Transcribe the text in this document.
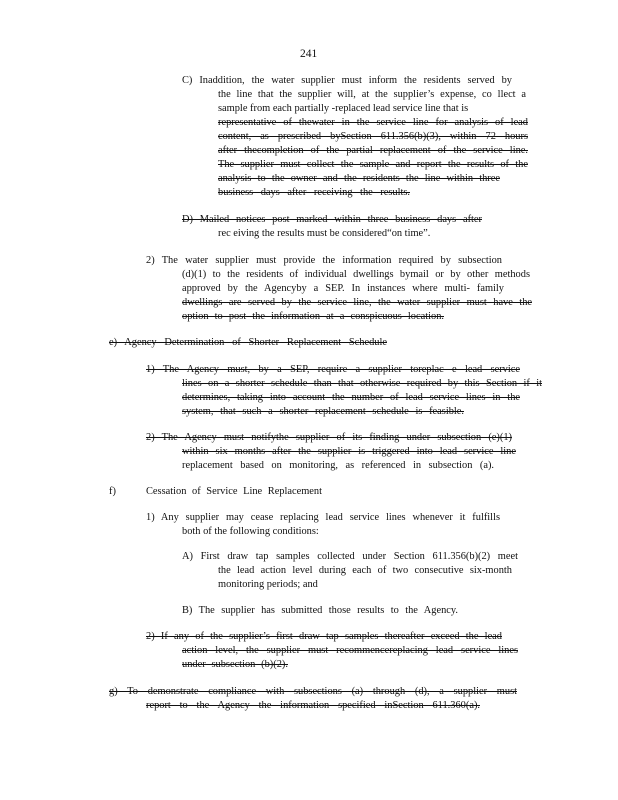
241
C) Inaddition, the water supplier must inform the residents served by
the line that the supplier will, at the supplier’s expense, co llect a
sample from each partially -replaced lead service line that is
representative of thewater in the service line for analysis of lead
content, as prescribed bySection 611.356(b)(3), within 72 hours
after thecompletion of the partial replacement of the service line.
The supplier must collect the sample and report the results of the
analysis to the owner and the residents the line within three
business days after receiving the results.
D) Mailed notices post marked within three business days after
rec eiving the results must be considered“on time”.
2) The water supplier must provide the information required by subsection
(d)(1) to the residents of individual dwellings bymail or by other methods
approved by the Agencyby a SEP. In instances where multi- family
dwellings are served by the service line, the water supplier must have the
option to post the information at a conspicuous location.
e) Agency Determination of Shorter Replacement Schedule
1) The Agency must, by a SEP, require a supplier toreplac e lead service
lines on a shorter schedule than that otherwise required by this Section if it
determines, taking into account the number of lead service lines in the
system, that such a shorter replacement schedule is feasible.
2) The Agency must notifythe supplier of its finding under subsection (e)(1)
within six months after the supplier is triggered into lead service line
replacement based on monitoring, as referenced in subsection (a).
f)	Cessation of Service Line Replacement
1) Any supplier may cease replacing lead service lines whenever it fulfills
both of the following conditions:
A) First draw tap samples collected under Section 611.356(b)(2) meet
the lead action level during each of two consecutive six-month
monitoring periods; and
B) The supplier has submitted those results to the Agency.
2) If any of the supplier’s first draw tap samples thereafter exceed the lead
action level, the supplier must recommencereplacing lead service lines
under subsection (b)(2).
g) To demonstrate compliance with subsections (a) through (d), a supplier must
report to the Agency the information specified inSection 611.360(a).
